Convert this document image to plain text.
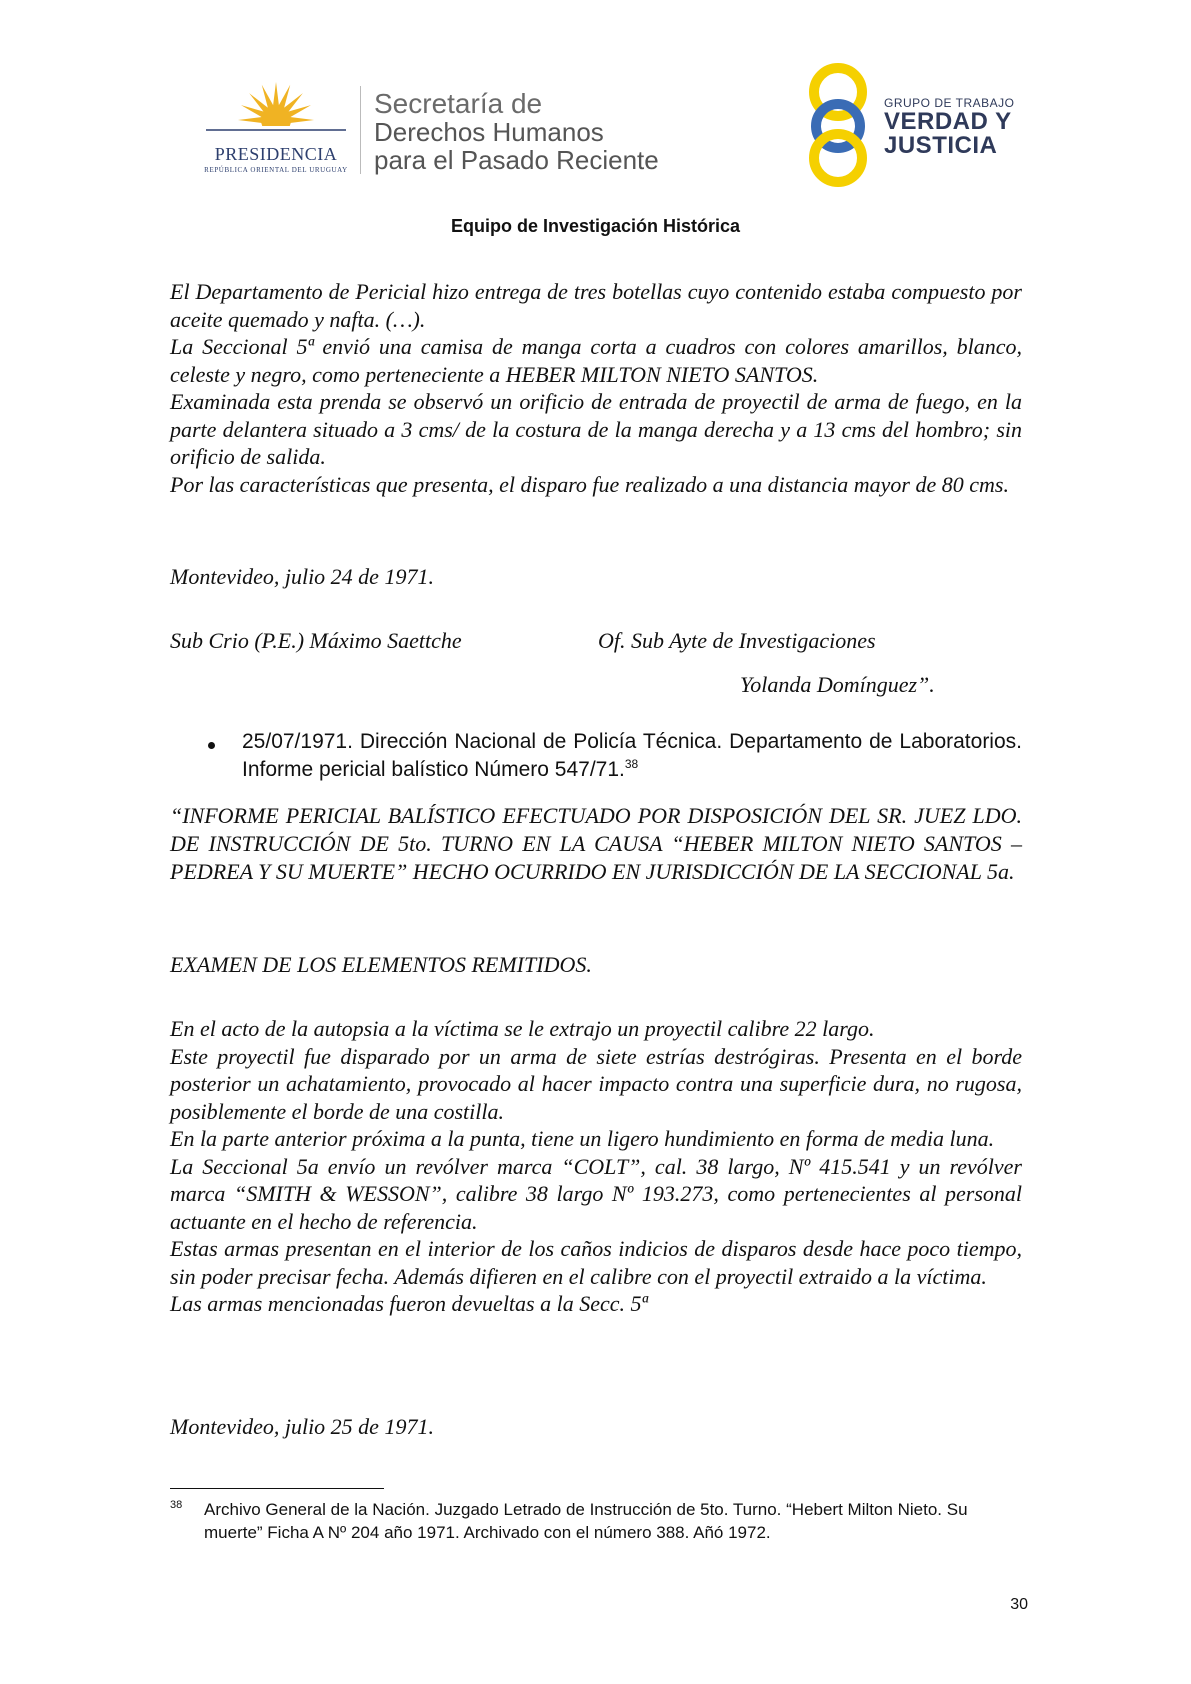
PRESIDENCIA
REPÚBLICA ORIENTAL DEL URUGUAY
Secretaría de
Derechos Humanos
para el Pasado Reciente
GRUPO DE TRABAJO
VERDAD Y
JUSTICIA
Equipo de Investigación Histórica

El Departamento de Pericial hizo entrega de tres botellas cuyo contenido estaba compuesto por aceite quemado y nafta. (…).

La Seccional 5ª envió una camisa de manga corta a cuadros con colores amarillos, blanco, celeste y negro, como perteneciente a HEBER MILTON NIETO SANTOS.

Examinada esta prenda se observó un orificio de entrada de proyectil de arma de fuego, en la parte delantera situado a 3 cms/ de la costura de la manga derecha y a 13 cms del hombro; sin orificio de salida.

Por las características que presenta, el disparo fue realizado a una distancia mayor de 80 cms.

Montevideo, julio 24 de 1971.
Sub Crio (P.E.) Máximo Saettche	Of. Sub Ayte de Investigaciones
Yolanda Domínguez”.
25/07/1971. Dirección Nacional de Policía Técnica. Departamento de Laboratorios. Informe pericial balístico Número 547/71.38

“INFORME PERICIAL BALÍSTICO EFECTUADO POR DISPOSICIÓN DEL SR. JUEZ LDO. DE INSTRUCCIÓN DE 5to. TURNO EN LA CAUSA “HEBER MILTON NIETO SANTOS – PEDREA Y SU MUERTE” HECHO OCURRIDO EN JURISDICCIÓN DE LA SECCIONAL 5a.

EXAMEN DE LOS ELEMENTOS REMITIDOS.

En el acto de la autopsia a la víctima se le extrajo un proyectil calibre 22 largo.

Este proyectil fue disparado por un arma de siete estrías destrógiras. Presenta en el borde posterior un achatamiento, provocado al hacer impacto contra una superficie dura, no rugosa, posiblemente el borde de una costilla.

En la parte anterior próxima a la punta, tiene un ligero hundimiento en forma de media luna.

La Seccional 5a envío un revólver marca “COLT”, cal. 38 largo, Nº 415.541 y un revólver marca “SMITH & WESSON”, calibre 38 largo Nº 193.273, como pertenecientes al personal actuante en el hecho de referencia.

Estas armas presentan en el interior de los caños indicios de disparos desde hace poco tiempo, sin poder precisar fecha. Además difieren en el calibre con el proyectil extraido a la víctima.

Las armas mencionadas fueron devueltas a la Secc. 5ª

Montevideo, julio 25 de 1971.
38 Archivo General de la Nación. Juzgado Letrado de Instrucción de 5to. Turno. “Hebert Milton Nieto. Su muerte” Ficha A Nº 204 año 1971. Archivado con el número 388. Añó 1972.
30
